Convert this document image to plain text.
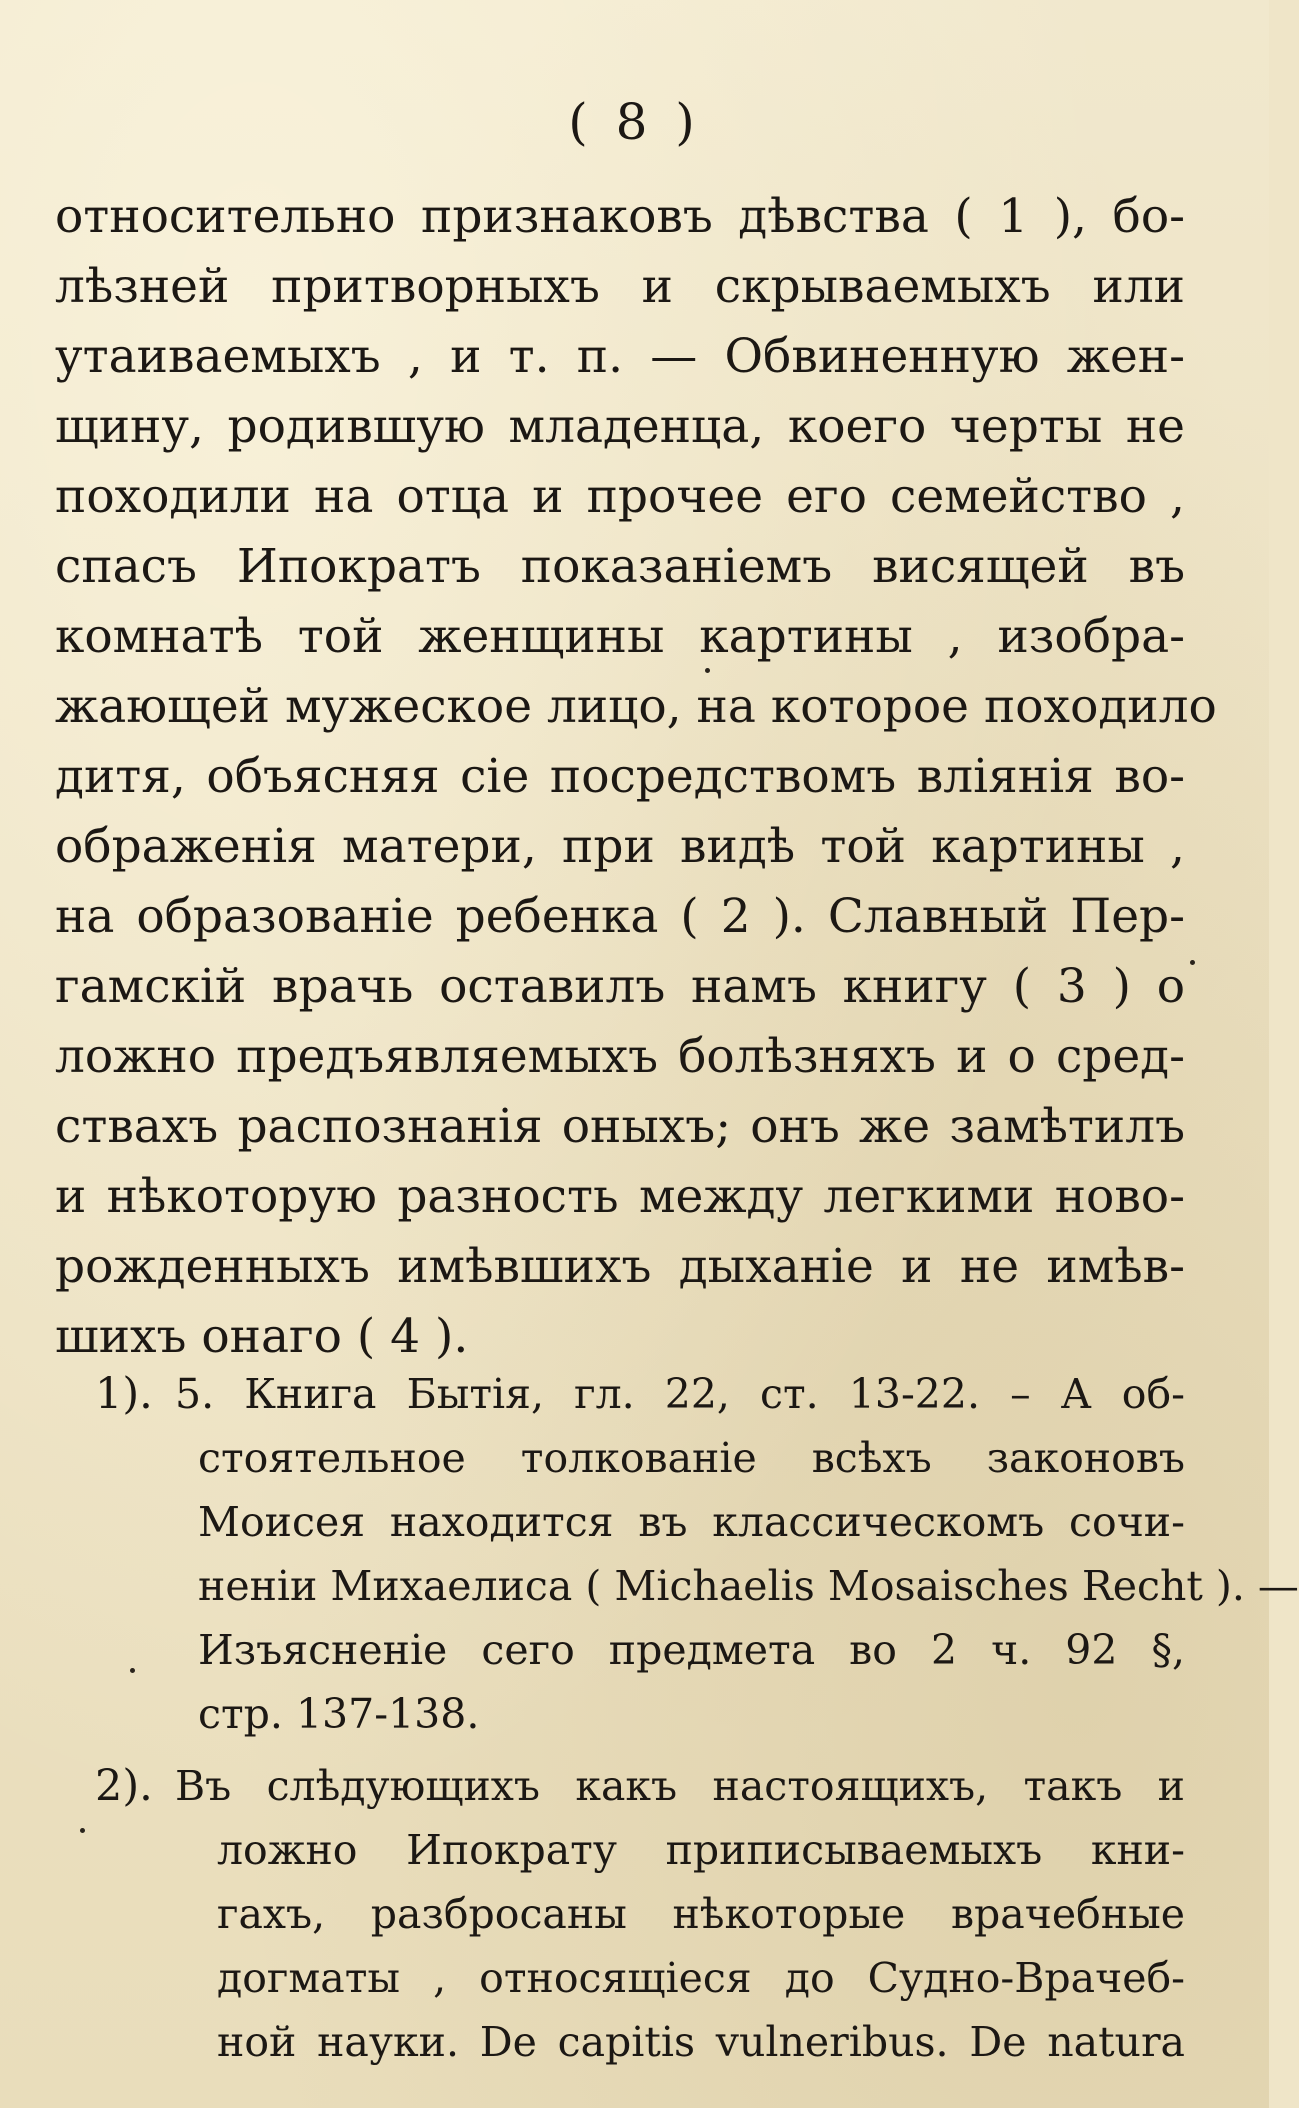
( 8 )
относительно признаковъ дѣвства ( 1 ), бо-
лѣзней притворныхъ и скрываемыхъ или
утаиваемыхъ , и т. п. — Обвиненную жен-
щину, родившую младенца, коего черты не
походили на отца и прочее его семейство ,
спасъ Ипократъ показаніемъ висящей въ
комнатѣ той женщины картины , изобра-
жающей мужеское лицо, на которое походило
дитя, объясняя сіе посредствомъ вліянія во-
ображенія матери, при видѣ той картины ,
на образованіе ребенка ( 2 ). Славный Пер-
гамскій врачь оставилъ намъ книгу ( 3 ) о
ложно предъявляемыхъ болѣзняхъ и о сред-
ствахъ распознанія оныхъ; онъ же замѣтилъ
и нѣкоторую разность между легкими ново-
рожденныхъ имѣвшихъ дыханіе и не имѣв-
шихъ онаго ( 4 ).
1). 5. Книга Бытія, гл. 22, ст. 13-22. – А об-
стоятельное толкованіе всѣхъ законовъ
Моисея находится въ классическомъ сочи-
неніи Михаелиса ( Michaelis Mosaisches Recht ). —
Изъясненіе сего предмета во 2 ч. 92 §,
стр. 137-138.
2). Въ слѣдующихъ какъ настоящихъ, такъ и
ложно Ипократу приписываемыхъ кни-
гахъ, разбросаны нѣкоторые врачебные
догматы , относящіеся до Судно-Врачеб-
ной науки. De capitis vulneribus. De natura
